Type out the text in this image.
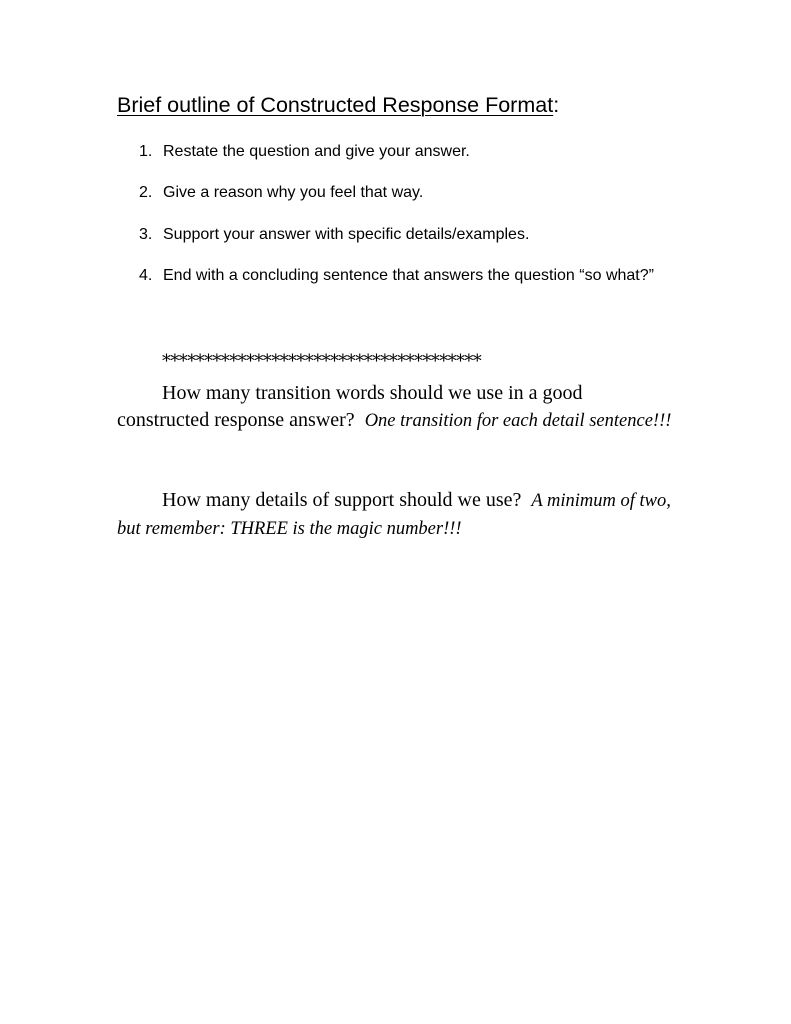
Brief outline of Constructed Response Format:
1. Restate the question and give your answer.
2. Give a reason why you feel that way.
3. Support your answer with specific details/examples.
4. End with a concluding sentence that answers the question “so what?”
**************************************

How many transition words should we use in a good constructed response answer? One transition for each detail sentence!!!

How many details of support should we use? A minimum of two, but remember: THREE is the magic number!!!
